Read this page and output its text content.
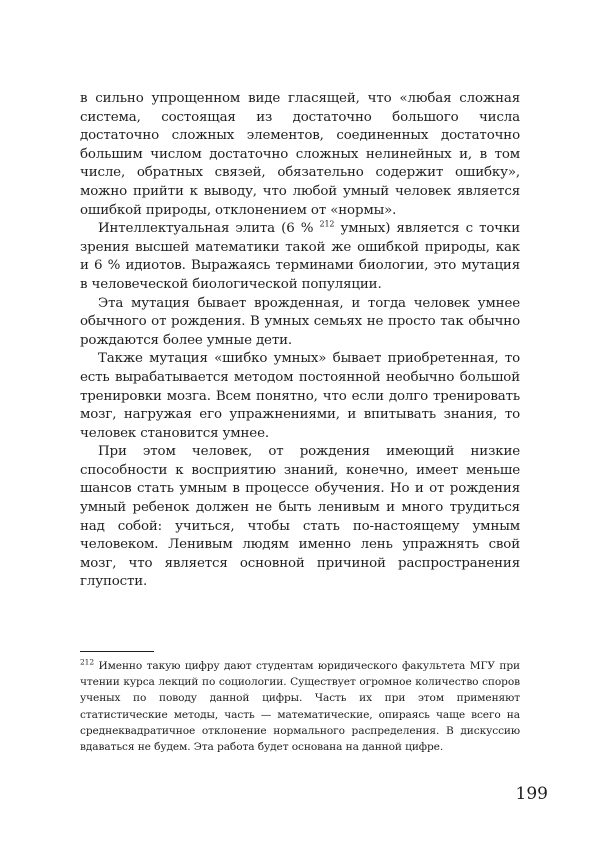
в сильно упрощенном виде гласящей, что «любая сложная система, состоящая из достаточно большого числа достаточно сложных элементов, соединенных достаточно большим числом достаточно сложных нелинейных и, в том числе, обратных связей, обязательно содержит ошибку», можно прийти к выводу, что любой умный человек является ошибкой природы, отклонением от «нормы».

Интеллектуальная элита (6 % $^{212}$ умных) является с точки зрения высшей математики такой же ошибкой природы, как и 6 % идиотов. Выражаясь терминами биологии, это мутация в человеческой биологической популяции.

Эта мутация бывает врожденная, и тогда человек умнее обычного от рождения. В умных семьях не просто так обычно рождаются более умные дети.

Также мутация «шибко умных» бывает приобретенная, то есть вырабатывается методом постоянной необычно большой тренировки мозга. Всем понятно, что если долго тренировать мозг, нагружая его упражнениями, и впитывать знания, то человек становится умнее.

При этом человек, от рождения имеющий низкие способности к восприятию знаний, конечно, имеет меньше шансов стать умным в процессе обучения. Но и от рождения умный ребенок должен не быть ленивым и много трудиться над собой: учиться, чтобы стать по-настоящему умным человеком. Ленивым людям именно лень упражнять свой мозг, что является основной причиной распространения глупости.

$^{212}$ Именно такую цифру дают студентам юридического факультета МГУ при чтении курса лекций по социологии. Существует огромное количество споров ученых по поводу данной цифры. Часть их при этом применяют статистические методы, часть — математические, опираясь чаще всего на среднеквадратичное отклонение нормального распределения. В дискуссию вдаваться не будем. Эта работа будет основана на данной цифре.

199
